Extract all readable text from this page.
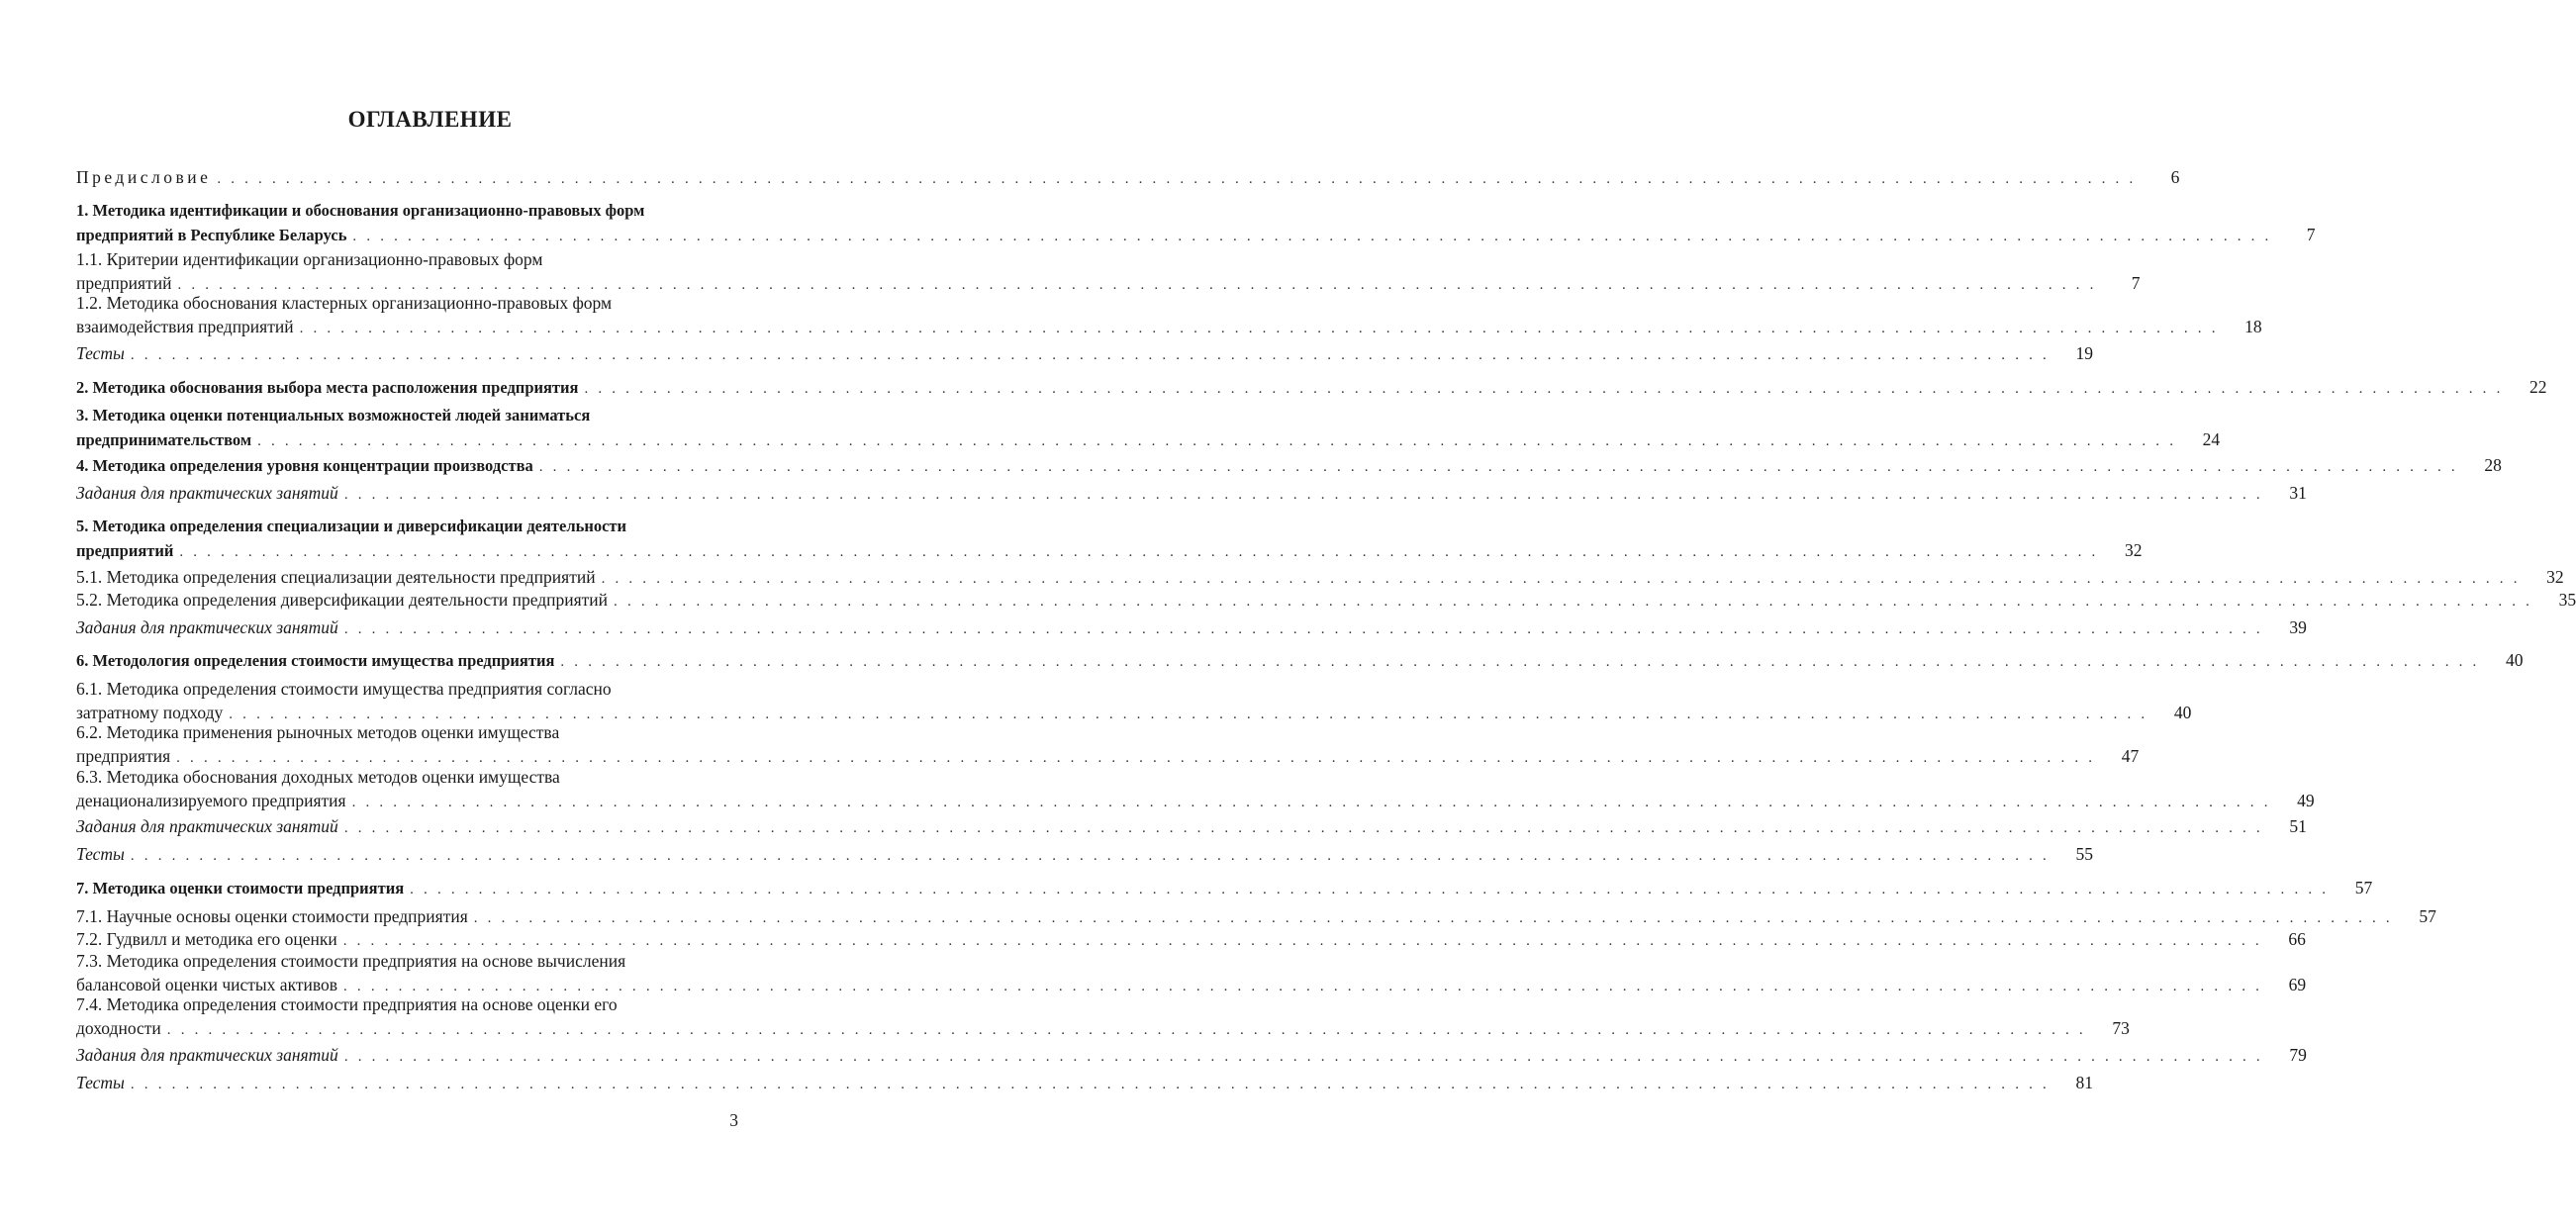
ОГЛАВЛЕНИЕ
Предисловие . . . . . . . . . . . . . . . . . . . . . . . . . . . . . . . . . . . . . . . . . . . . . . . . . . . . . . . . . . . . . . . . . . . . . . . . . . . . . . . . . . . . . . . . . . . . . . . . . . . . . . . . . . . . . . . . . . . . . . . . . . . . . . . . . . . . . . . . . . . .	6
1. Методика идентификации и обоснования организационно-правовых форм
предприятий в Республике Беларусь . . . . . . . . . . . . . . . . . . . . . . . . . . . . . . . . . . . . . . . . . . . . . . . . . . . . . . . . . . . . . . . . . . . . . . . . . . . . . . . . . . . . . . . . . . . . . . . . . . . . . . . . . . . . . . . . . . . . . . . . . . . . . . . . . . . . . . . . . . . .	7
1.1. Критерии идентификации организационно-правовых форм
предприятий . . . . . . . . . . . . . . . . . . . . . . . . . . . . . . . . . . . . . . . . . . . . . . . . . . . . . . . . . . . . . . . . . . . . . . . . . . . . . . . . . . . . . . . . . . . . . . . . . . . . . . . . . . . . . . . . . . . . . . . . . . . . . . . . . . . . . . . . . . . .	7
1.2. Методика обоснования кластерных организационно-правовых форм
взаимодействия предприятий . . . . . . . . . . . . . . . . . . . . . . . . . . . . . . . . . . . . . . . . . . . . . . . . . . . . . . . . . . . . . . . . . . . . . . . . . . . . . . . . . . . . . . . . . . . . . . . . . . . . . . . . . . . . . . . . . . . . . . . . . . . . . . . . . . . . . . . . . . . .	18
Тесты . . . . . . . . . . . . . . . . . . . . . . . . . . . . . . . . . . . . . . . . . . . . . . . . . . . . . . . . . . . . . . . . . . . . . . . . . . . . . . . . . . . . . . . . . . . . . . . . . . . . . . . . . . . . . . . . . . . . . . . . . . . . . . . . . . . . . . . . . . . .	19
2. Методика обоснования выбора места расположения предприятия . . . . . . . . . . . . . . . . . . . . . . . . . . . . . . . . . . . . . . . . . . . . . . . . . . . . . . . . . . . . . . . . . . . . . . . . . . . . . . . . . . . . . . . . . . . . . . . . . . . . . . . . . . . . . . . . . . . . . . . . . . . . . . . . . . . . . . . . . . . .	22
3. Методика оценки потенциальных возможностей людей заниматься
предпринимательством . . . . . . . . . . . . . . . . . . . . . . . . . . . . . . . . . . . . . . . . . . . . . . . . . . . . . . . . . . . . . . . . . . . . . . . . . . . . . . . . . . . . . . . . . . . . . . . . . . . . . . . . . . . . . . . . . . . . . . . . . . . . . . . . . . . . . . . . . . . .	24
4. Методика определения уровня концентрации производства . . . . . . . . . . . . . . . . . . . . . . . . . . . . . . . . . . . . . . . . . . . . . . . . . . . . . . . . . . . . . . . . . . . . . . . . . . . . . . . . . . . . . . . . . . . . . . . . . . . . . . . . . . . . . . . . . . . . . . . . . . . . . . . . . . . . . . . . . . . .	28
Задания для практических занятий . . . . . . . . . . . . . . . . . . . . . . . . . . . . . . . . . . . . . . . . . . . . . . . . . . . . . . . . . . . . . . . . . . . . . . . . . . . . . . . . . . . . . . . . . . . . . . . . . . . . . . . . . . . . . . . . . . . . . . . . . . . . . . . . . . . . . . . . . . . .	31
5. Методика определения специализации и диверсификации деятельности
предприятий . . . . . . . . . . . . . . . . . . . . . . . . . . . . . . . . . . . . . . . . . . . . . . . . . . . . . . . . . . . . . . . . . . . . . . . . . . . . . . . . . . . . . . . . . . . . . . . . . . . . . . . . . . . . . . . . . . . . . . . . . . . . . . . . . . . . . . . . . . . .	32
5.1. Методика определения специализации деятельности предприятий . . . . . . . . . . . . . . . . . . . . . . . . . . . . . . . . . . . . . . . . . . . . . . . . . . . . . . . . . . . . . . . . . . . . . . . . . . . . . . . . . . . . . . . . . . . . . . . . . . . . . . . . . . . . . . . . . . . . . . . . . . . . . . . . . . . . . . . . . . . .	32
5.2. Методика определения диверсификации деятельности предприятий . . . . . . . . . . . . . . . . . . . . . . . . . . . . . . . . . . . . . . . . . . . . . . . . . . . . . . . . . . . . . . . . . . . . . . . . . . . . . . . . . . . . . . . . . . . . . . . . . . . . . . . . . . . . . . . . . . . . . . . . . . . . . . . . . . . . . . . . . . . .	35
Задания для практических занятий . . . . . . . . . . . . . . . . . . . . . . . . . . . . . . . . . . . . . . . . . . . . . . . . . . . . . . . . . . . . . . . . . . . . . . . . . . . . . . . . . . . . . . . . . . . . . . . . . . . . . . . . . . . . . . . . . . . . . . . . . . . . . . . . . . . . . . . . . . . .	39
6. Методология определения стоимости имущества предприятия . . . . . . . . . . . . . . . . . . . . . . . . . . . . . . . . . . . . . . . . . . . . . . . . . . . . . . . . . . . . . . . . . . . . . . . . . . . . . . . . . . . . . . . . . . . . . . . . . . . . . . . . . . . . . . . . . . . . . . . . . . . . . . . . . . . . . . . . . . . .	40
6.1. Методика определения стоимости имущества предприятия согласно
затратному подходу . . . . . . . . . . . . . . . . . . . . . . . . . . . . . . . . . . . . . . . . . . . . . . . . . . . . . . . . . . . . . . . . . . . . . . . . . . . . . . . . . . . . . . . . . . . . . . . . . . . . . . . . . . . . . . . . . . . . . . . . . . . . . . . . . . . . . . . . . . . .	40
6.2. Методика применения рыночных методов оценки имущества
предприятия . . . . . . . . . . . . . . . . . . . . . . . . . . . . . . . . . . . . . . . . . . . . . . . . . . . . . . . . . . . . . . . . . . . . . . . . . . . . . . . . . . . . . . . . . . . . . . . . . . . . . . . . . . . . . . . . . . . . . . . . . . . . . . . . . . . . . . . . . . . .	47
6.3. Методика обоснования доходных методов оценки имущества
денационализируемого предприятия . . . . . . . . . . . . . . . . . . . . . . . . . . . . . . . . . . . . . . . . . . . . . . . . . . . . . . . . . . . . . . . . . . . . . . . . . . . . . . . . . . . . . . . . . . . . . . . . . . . . . . . . . . . . . . . . . . . . . . . . . . . . . . . . . . . . . . . . . . . .	49
Задания для практических занятий . . . . . . . . . . . . . . . . . . . . . . . . . . . . . . . . . . . . . . . . . . . . . . . . . . . . . . . . . . . . . . . . . . . . . . . . . . . . . . . . . . . . . . . . . . . . . . . . . . . . . . . . . . . . . . . . . . . . . . . . . . . . . . . . . . . . . . . . . . . .	51
Тесты . . . . . . . . . . . . . . . . . . . . . . . . . . . . . . . . . . . . . . . . . . . . . . . . . . . . . . . . . . . . . . . . . . . . . . . . . . . . . . . . . . . . . . . . . . . . . . . . . . . . . . . . . . . . . . . . . . . . . . . . . . . . . . . . . . . . . . . . . . . .	55
7. Методика оценки стоимости предприятия . . . . . . . . . . . . . . . . . . . . . . . . . . . . . . . . . . . . . . . . . . . . . . . . . . . . . . . . . . . . . . . . . . . . . . . . . . . . . . . . . . . . . . . . . . . . . . . . . . . . . . . . . . . . . . . . . . . . . . . . . . . . . . . . . . . . . . . . . . . .	57
7.1. Научные основы оценки стоимости предприятия . . . . . . . . . . . . . . . . . . . . . . . . . . . . . . . . . . . . . . . . . . . . . . . . . . . . . . . . . . . . . . . . . . . . . . . . . . . . . . . . . . . . . . . . . . . . . . . . . . . . . . . . . . . . . . . . . . . . . . . . . . . . . . . . . . . . . . . . . . . .	57
7.2. Гудвилл и методика его оценки . . . . . . . . . . . . . . . . . . . . . . . . . . . . . . . . . . . . . . . . . . . . . . . . . . . . . . . . . . . . . . . . . . . . . . . . . . . . . . . . . . . . . . . . . . . . . . . . . . . . . . . . . . . . . . . . . . . . . . . . . . . . . . . . . . . . . . . . . . . .	66
7.3. Методика определения стоимости предприятия на основе вычисления
балансовой оценки чистых активов . . . . . . . . . . . . . . . . . . . . . . . . . . . . . . . . . . . . . . . . . . . . . . . . . . . . . . . . . . . . . . . . . . . . . . . . . . . . . . . . . . . . . . . . . . . . . . . . . . . . . . . . . . . . . . . . . . . . . . . . . . . . . . . . . . . . . . . . . . . .	69
7.4. Методика определения стоимости предприятия на основе оценки его
доходности . . . . . . . . . . . . . . . . . . . . . . . . . . . . . . . . . . . . . . . . . . . . . . . . . . . . . . . . . . . . . . . . . . . . . . . . . . . . . . . . . . . . . . . . . . . . . . . . . . . . . . . . . . . . . . . . . . . . . . . . . . . . . . . . . . . . . . . . . . . .	73
Задания для практических занятий . . . . . . . . . . . . . . . . . . . . . . . . . . . . . . . . . . . . . . . . . . . . . . . . . . . . . . . . . . . . . . . . . . . . . . . . . . . . . . . . . . . . . . . . . . . . . . . . . . . . . . . . . . . . . . . . . . . . . . . . . . . . . . . . . . . . . . . . . . . .	79
Тесты . . . . . . . . . . . . . . . . . . . . . . . . . . . . . . . . . . . . . . . . . . . . . . . . . . . . . . . . . . . . . . . . . . . . . . . . . . . . . . . . . . . . . . . . . . . . . . . . . . . . . . . . . . . . . . . . . . . . . . . . . . . . . . . . . . . . . . . . . . . .	81
3
